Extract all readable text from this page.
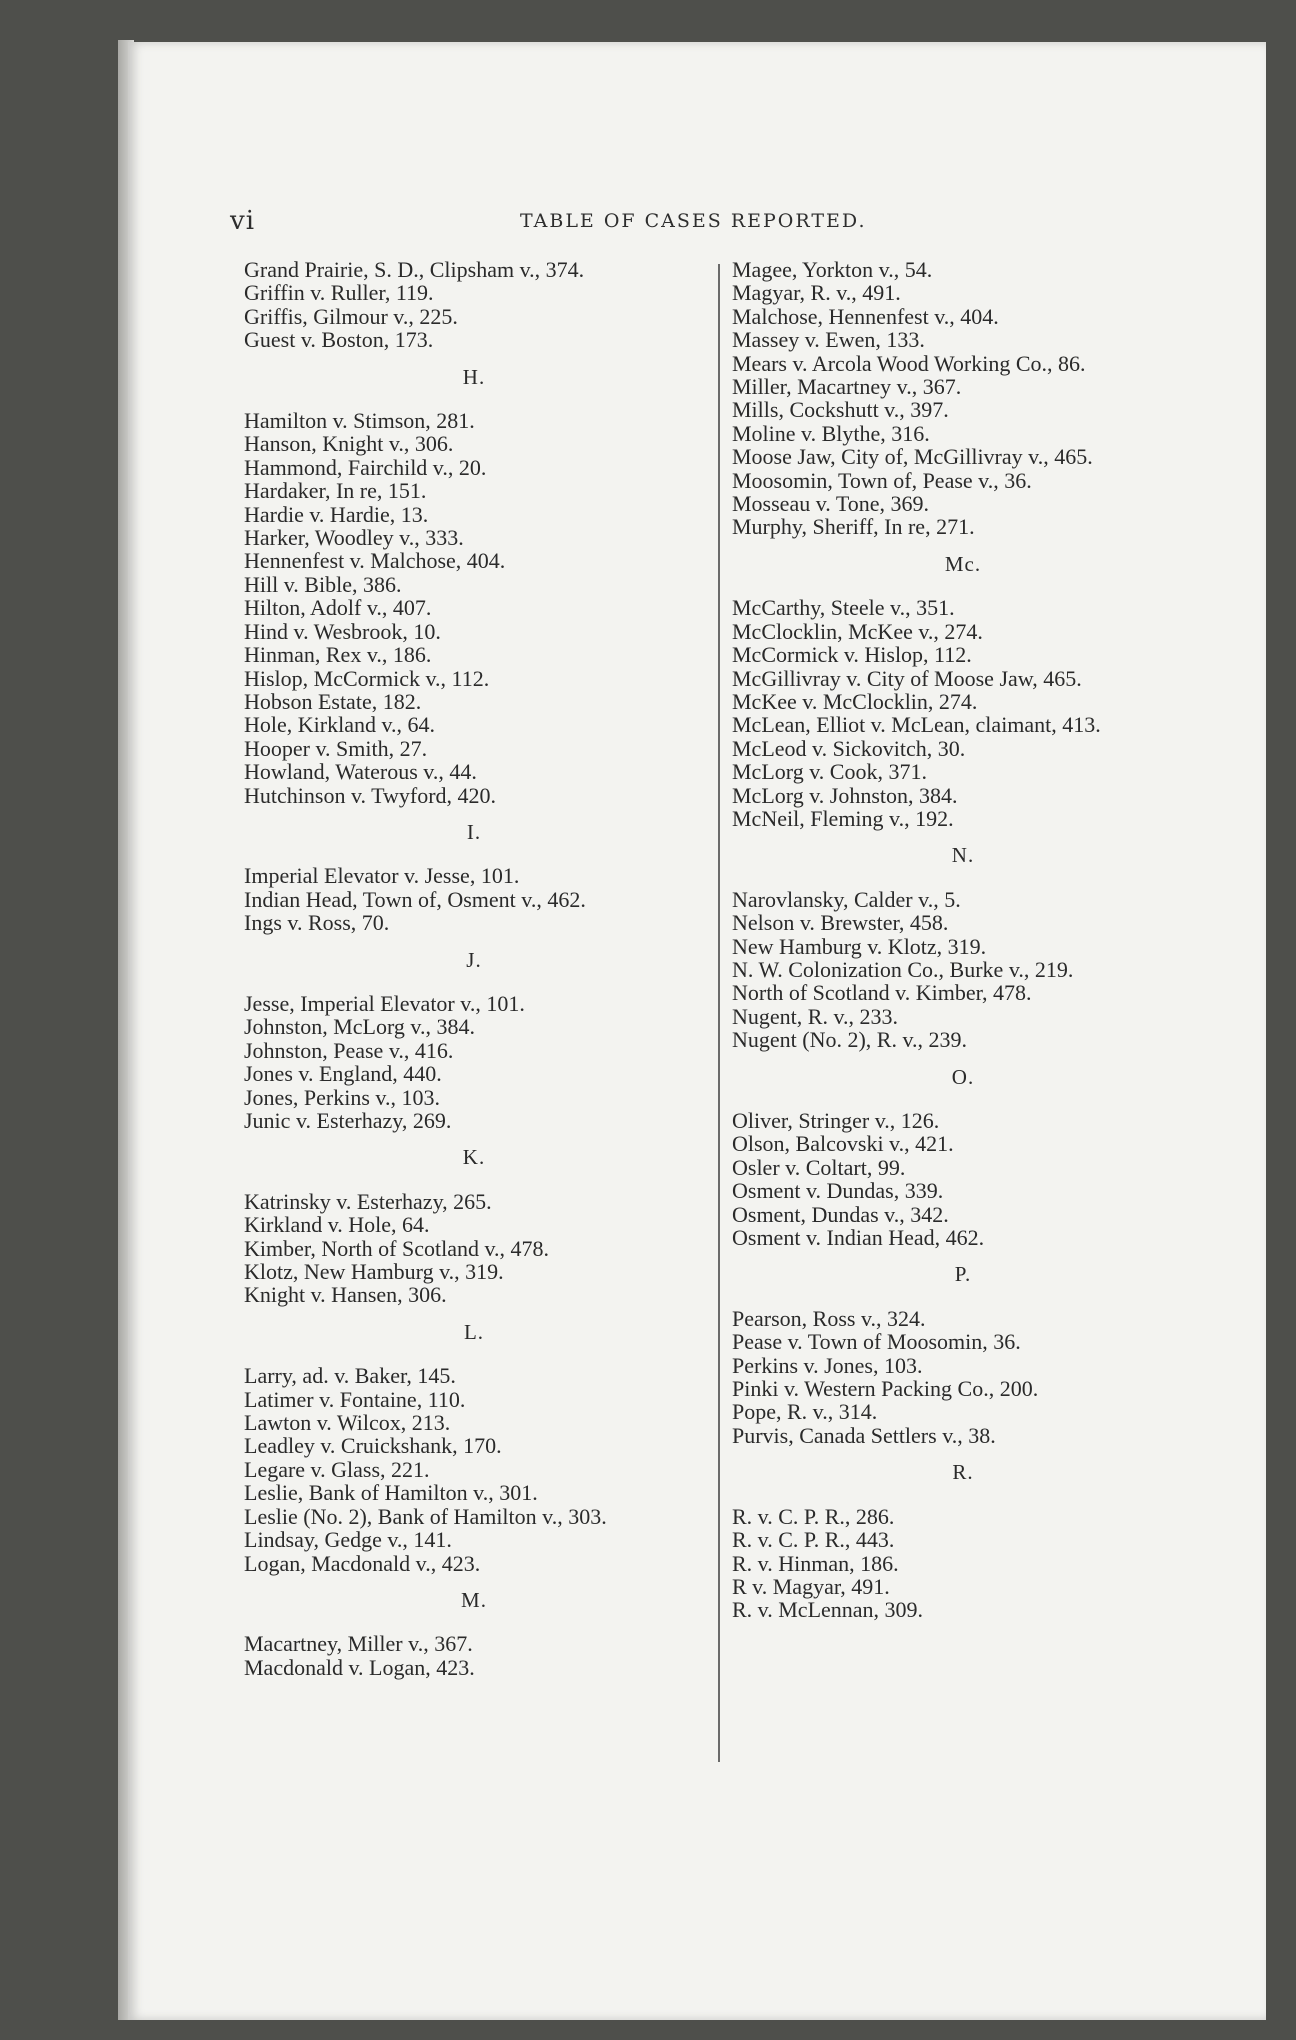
vi	TABLE OF CASES REPORTED.
Grand Prairie, S. D., Clipsham v., 374.
Griffin v. Ruller, 119.
Griffis, Gilmour v., 225.
Guest v. Boston, 173.
H.
Hamilton v. Stimson, 281.
Hanson, Knight v., 306.
Hammond, Fairchild v., 20.
Hardaker, In re, 151.
Hardie v. Hardie, 13.
Harker, Woodley v., 333.
Hennenfest v. Malchose, 404.
Hill v. Bible, 386.
Hilton, Adolf v., 407.
Hind v. Wesbrook, 10.
Hinman, Rex v., 186.
Hislop, McCormick v., 112.
Hobson Estate, 182.
Hole, Kirkland v., 64.
Hooper v. Smith, 27.
Howland, Waterous v., 44.
Hutchinson v. Twyford, 420.
I.
Imperial Elevator v. Jesse, 101.
Indian Head, Town of, Osment v., 462.
Ings v. Ross, 70.
J.
Jesse, Imperial Elevator v., 101.
Johnston, McLorg v., 384.
Johnston, Pease v., 416.
Jones v. England, 440.
Jones, Perkins v., 103.
Junic v. Esterhazy, 269.
K.
Katrinsky v. Esterhazy, 265.
Kirkland v. Hole, 64.
Kimber, North of Scotland v., 478.
Klotz, New Hamburg v., 319.
Knight v. Hansen, 306.
L.
Larry, ad. v. Baker, 145.
Latimer v. Fontaine, 110.
Lawton v. Wilcox, 213.
Leadley v. Cruickshank, 170.
Legare v. Glass, 221.
Leslie, Bank of Hamilton v., 301.
Leslie (No. 2), Bank of Hamilton v., 303.
Lindsay, Gedge v., 141.
Logan, Macdonald v., 423.
M.
Macartney, Miller v., 367.
Macdonald v. Logan, 423.
Magee, Yorkton v., 54.
Magyar, R. v., 491.
Malchose, Hennenfest v., 404.
Massey v. Ewen, 133.
Mears v. Arcola Wood Working Co., 86.
Miller, Macartney v., 367.
Mills, Cockshutt v., 397.
Moline v. Blythe, 316.
Moose Jaw, City of, McGillivray v., 465.
Moosomin, Town of, Pease v., 36.
Mosseau v. Tone, 369.
Murphy, Sheriff, In re, 271.
Mc.
McCarthy, Steele v., 351.
McClocklin, McKee v., 274.
McCormick v. Hislop, 112.
McGillivray v. City of Moose Jaw, 465.
McKee v. McClocklin, 274.
McLean, Elliot v. McLean, claimant, 413.
McLeod v. Sickovitch, 30.
McLorg v. Cook, 371.
McLorg v. Johnston, 384.
McNeil, Fleming v., 192.
N.
Narovlansky, Calder v., 5.
Nelson v. Brewster, 458.
New Hamburg v. Klotz, 319.
N. W. Colonization Co., Burke v., 219.
North of Scotland v. Kimber, 478.
Nugent, R. v., 233.
Nugent (No. 2), R. v., 239.
O.
Oliver, Stringer v., 126.
Olson, Balcovski v., 421.
Osler v. Coltart, 99.
Osment v. Dundas, 339.
Osment, Dundas v., 342.
Osment v. Indian Head, 462.
P.
Pearson, Ross v., 324.
Pease v. Town of Moosomin, 36.
Perkins v. Jones, 103.
Pinki v. Western Packing Co., 200.
Pope, R. v., 314.
Purvis, Canada Settlers v., 38.
R.
R. v. C. P. R., 286.
R. v. C. P. R., 443.
R. v. Hinman, 186.
R v. Magyar, 491.
R. v. McLennan, 309.
